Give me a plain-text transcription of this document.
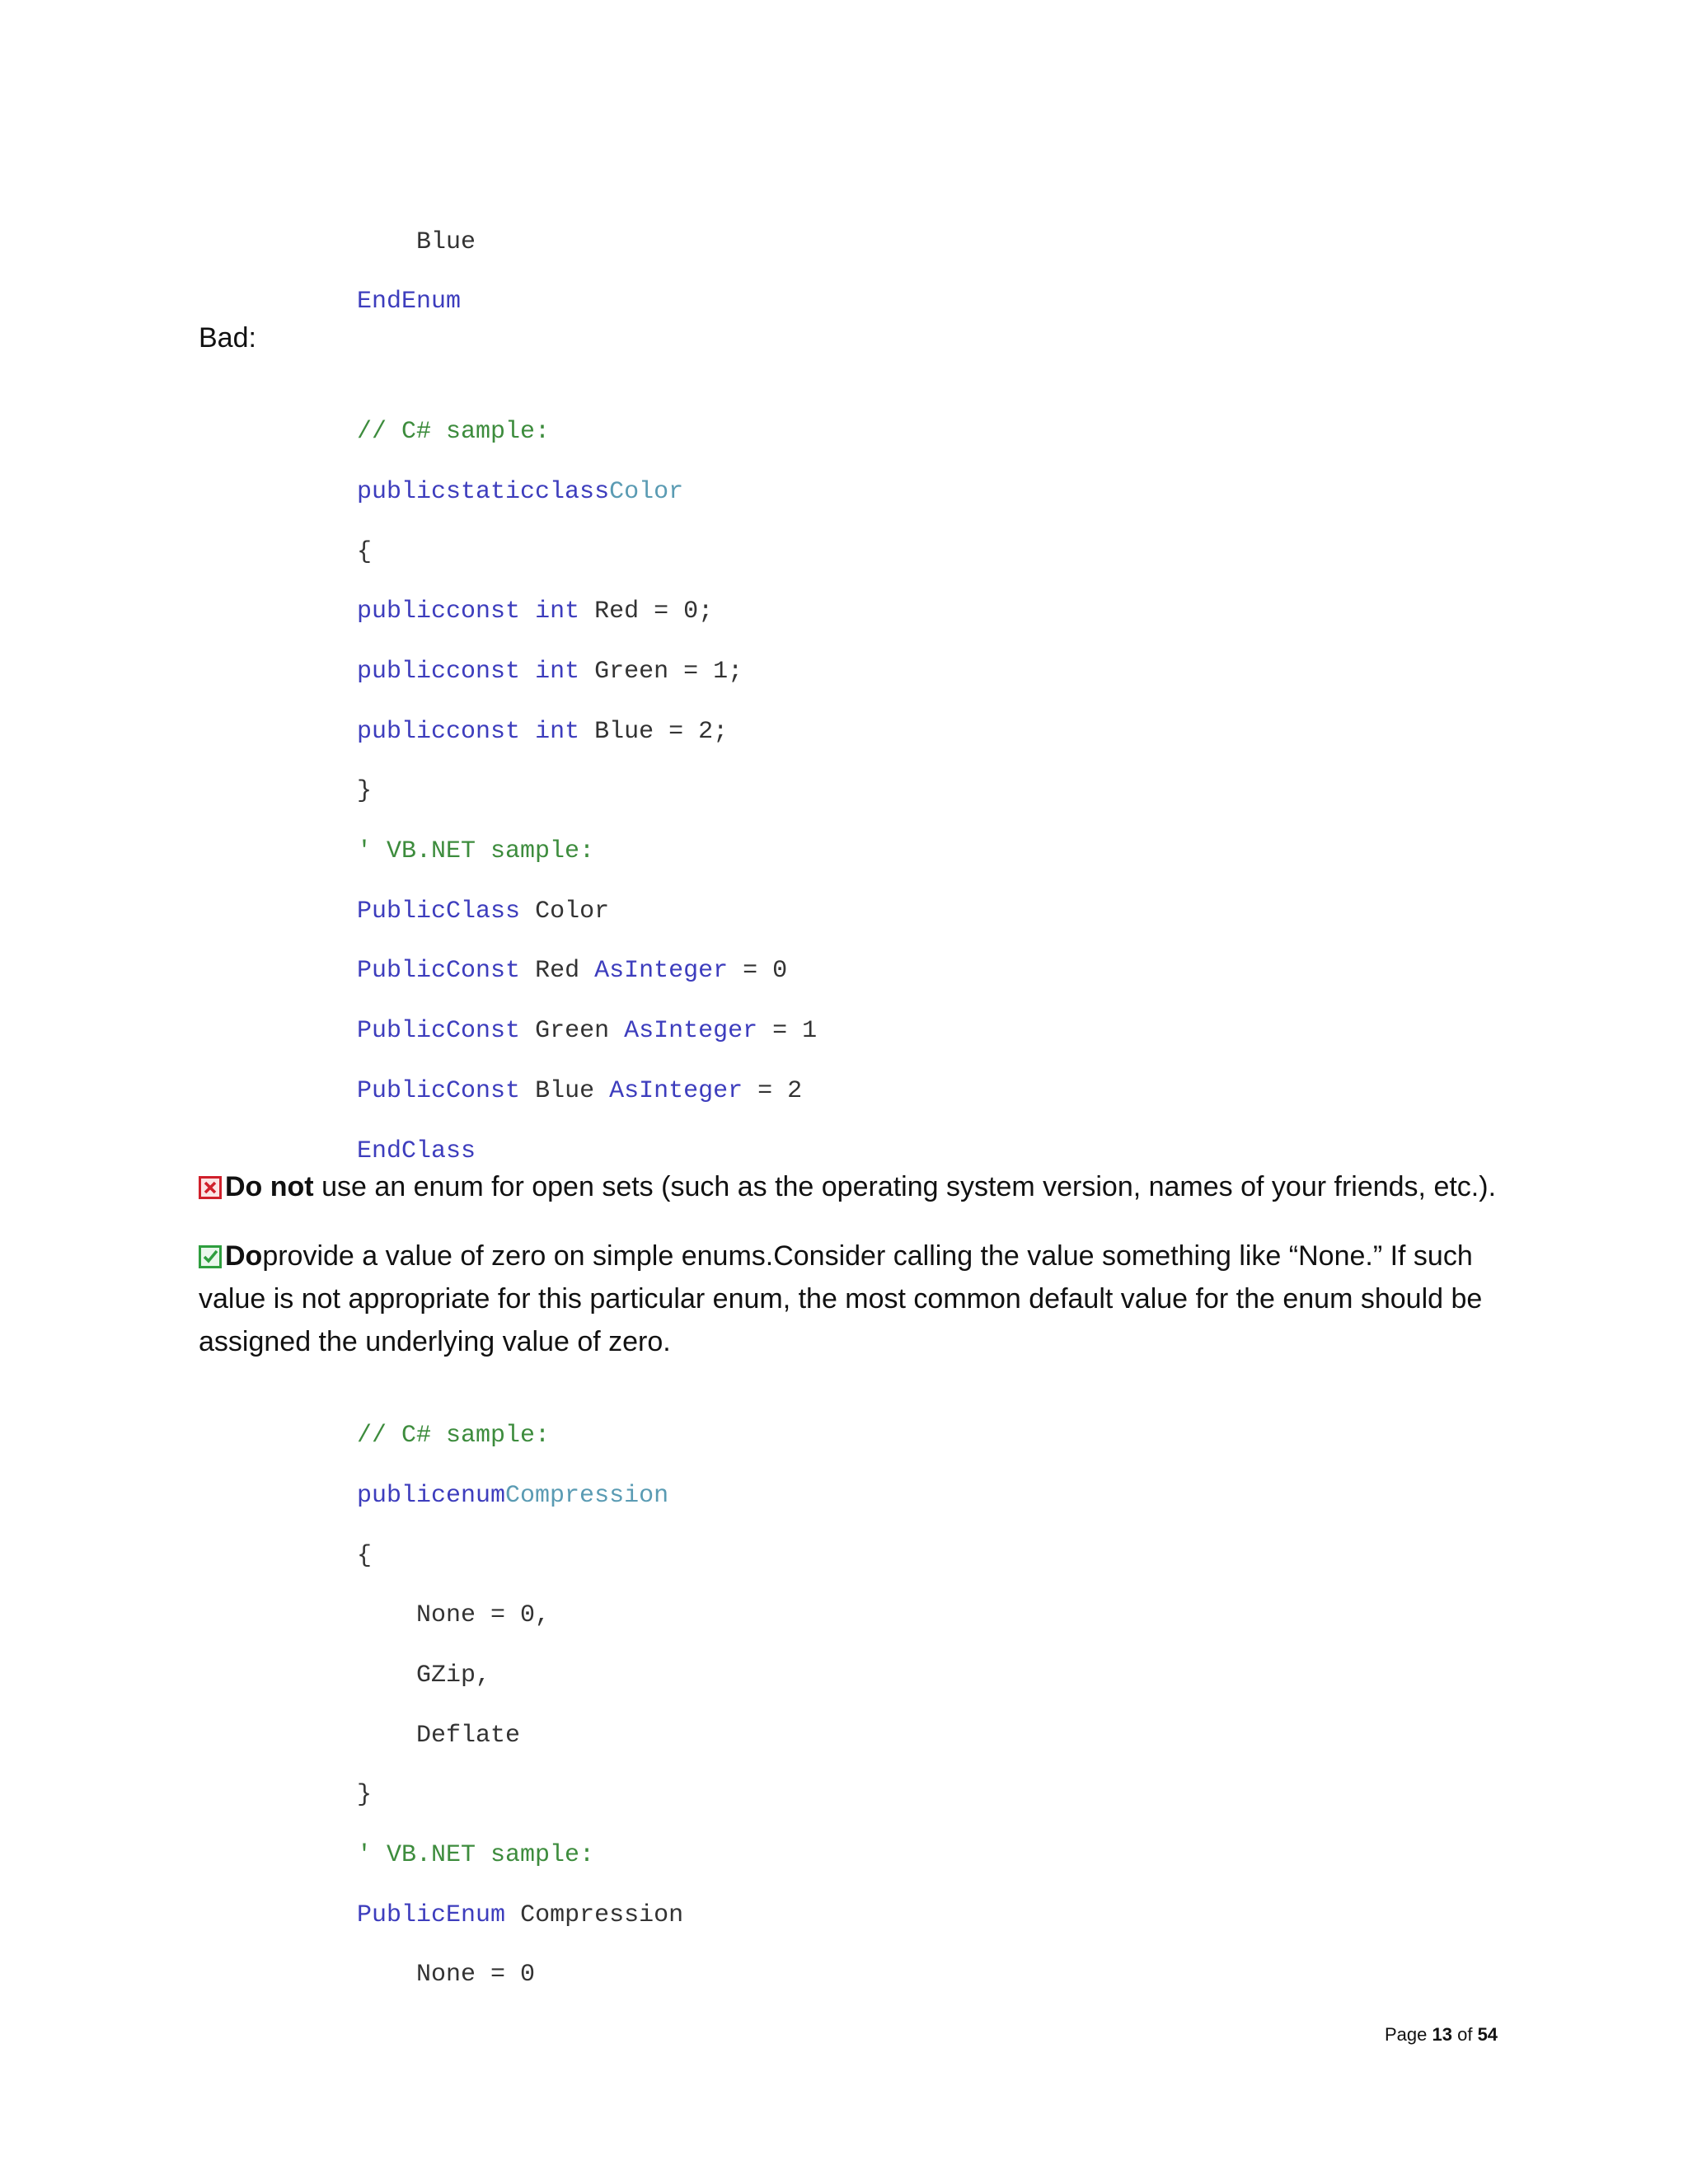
Blue

EndEnum

Bad:

// C# sample:

publicstaticclassColor

{

publicconst int Red = 0;

publicconst int Green = 1;

publicconst int Blue = 2;

}

' VB.NET sample:

PublicClass Color

PublicConst Red AsInteger = 0

PublicConst Green AsInteger = 1

PublicConst Blue AsInteger = 2

EndClass

Do not use an enum for open sets (such as the operating system version, names of your friends, etc.).
Doprovide a value of zero on simple enums.Consider calling the value something like “None.” If such value is not appropriate for this particular enum, the most common default value for the enum should be assigned the underlying value of zero.

// C# sample:

publicenumCompression

{

None = 0,

GZip,

Deflate

}

' VB.NET sample:

PublicEnum Compression

None = 0

Page 13 of 54
